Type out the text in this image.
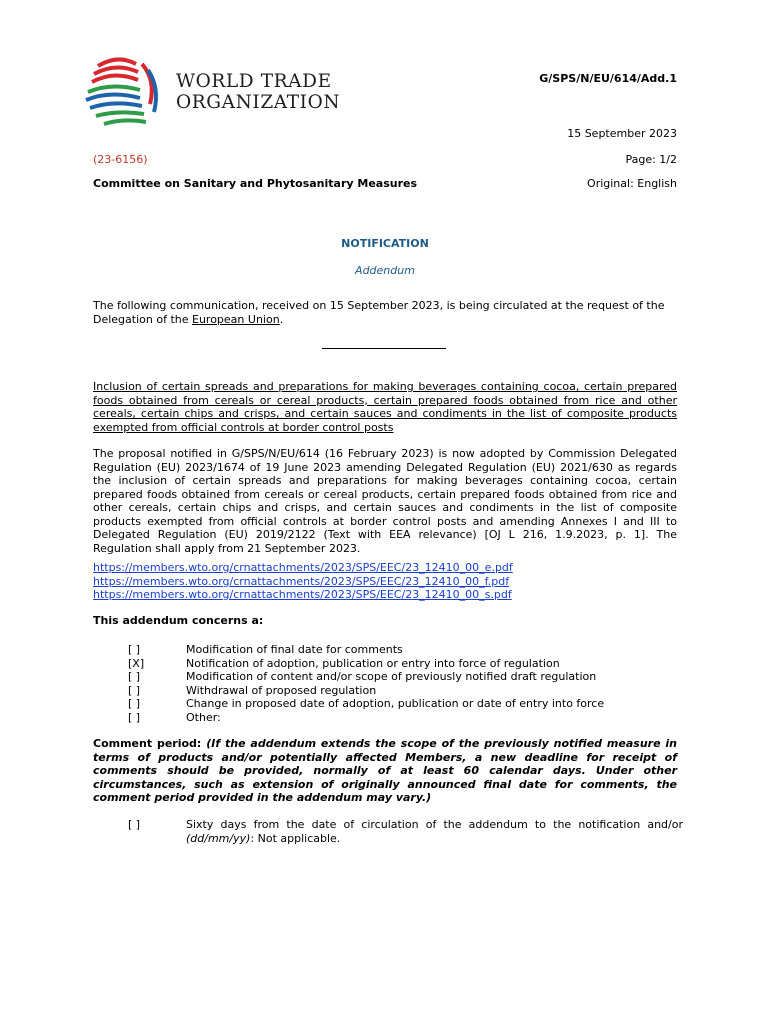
WORLD TRADE
ORGANIZATION
G/SPS/N/EU/614/Add.1
15 September 2023
(23-6156)	Page: 1/2
Committee on Sanitary and Phytosanitary Measures	Original: English
NOTIFICATION
Addendum
The following communication, received on 15 September 2023, is being circulated at the request of the Delegation of the European Union.
Inclusion of certain spreads and preparations for making beverages containing cocoa, certain prepared foods obtained from cereals or cereal products, certain prepared foods obtained from rice and other cereals, certain chips and crisps, and certain sauces and condiments in the list of composite products exempted from official controls at border control posts
The proposal notified in G/SPS/N/EU/614 (16 February 2023) is now adopted by Commission Delegated Regulation (EU) 2023/1674 of 19 June 2023 amending Delegated Regulation (EU) 2021/630 as regards the inclusion of certain spreads and preparations for making beverages containing cocoa, certain prepared foods obtained from cereals or cereal products, certain prepared foods obtained from rice and other cereals, certain chips and crisps, and certain sauces and condiments in the list of composite products exempted from official controls at border control posts and amending Annexes I and III to Delegated Regulation (EU) 2019/2122 (Text with EEA relevance) [OJ L 216, 1.9.2023, p. 1]. The Regulation shall apply from 21 September 2023.
https://members.wto.org/crnattachments/2023/SPS/EEC/23_12410_00_e.pdf
https://members.wto.org/crnattachments/2023/SPS/EEC/23_12410_00_f.pdf
https://members.wto.org/crnattachments/2023/SPS/EEC/23_12410_00_s.pdf
This addendum concerns a:
[ ]	Modification of final date for comments
[X]	Notification of adoption, publication or entry into force of regulation
[ ]	Modification of content and/or scope of previously notified draft regulation
[ ]	Withdrawal of proposed regulation
[ ]	Change in proposed date of adoption, publication or date of entry into force
[ ]	Other:
Comment period: (If the addendum extends the scope of the previously notified measure in terms of products and/or potentially affected Members, a new deadline for receipt of comments should be provided, normally of at least 60 calendar days. Under other circumstances, such as extension of originally announced final date for comments, the comment period provided in the addendum may vary.)
[ ]	Sixty days from the date of circulation of the addendum to the notification and/or (dd/mm/yy): Not applicable.
